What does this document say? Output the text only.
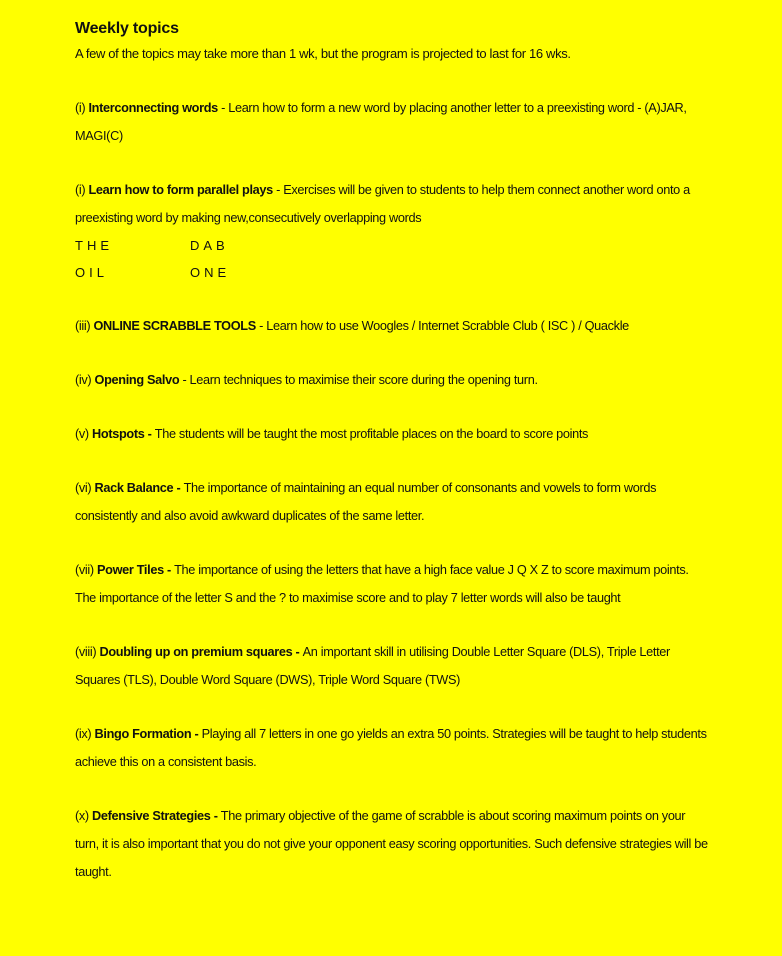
Weekly topics

A few of the topics may take more than 1 wk, but the program is projected to last for 16 wks.

(i) Interconnecting words - Learn how to form a new word by placing another letter to a preexisting word - (A)JAR, MAGI(C)

(i) Learn how to form parallel plays - Exercises will be given to students to help them connect another word onto a preexisting word by making new,consecutively overlapping words

THE	DAB
OIL	ONE

(iii) ONLINE SCRABBLE TOOLS - Learn how to use Woogles / Internet Scrabble Club ( ISC ) / Quackle

(iv) Opening Salvo - Learn techniques to maximise their score during the opening turn.

(v) Hotspots - The students will be taught the most profitable places on the board to score points

(vi) Rack Balance - The importance of maintaining an equal number of consonants and vowels to form words consistently and also avoid awkward duplicates of the same letter.

(vii) Power Tiles - The importance of using the letters that have a high face value J Q X Z to score maximum points. The importance of the letter S and the ? to maximise score and to play 7 letter words will also be taught

(viii) Doubling up on premium squares - An important skill in utilising Double Letter Square (DLS), Triple Letter Squares (TLS), Double Word Square (DWS), Triple Word Square (TWS)

(ix) Bingo Formation - Playing all 7 letters in one go yields an extra 50 points. Strategies will be taught to help students achieve this on a consistent basis.

(x) Defensive Strategies - The primary objective of the game of scrabble is about scoring maximum points on your turn, it is also important that you do not give your opponent easy scoring opportunities. Such defensive strategies will be taught.
